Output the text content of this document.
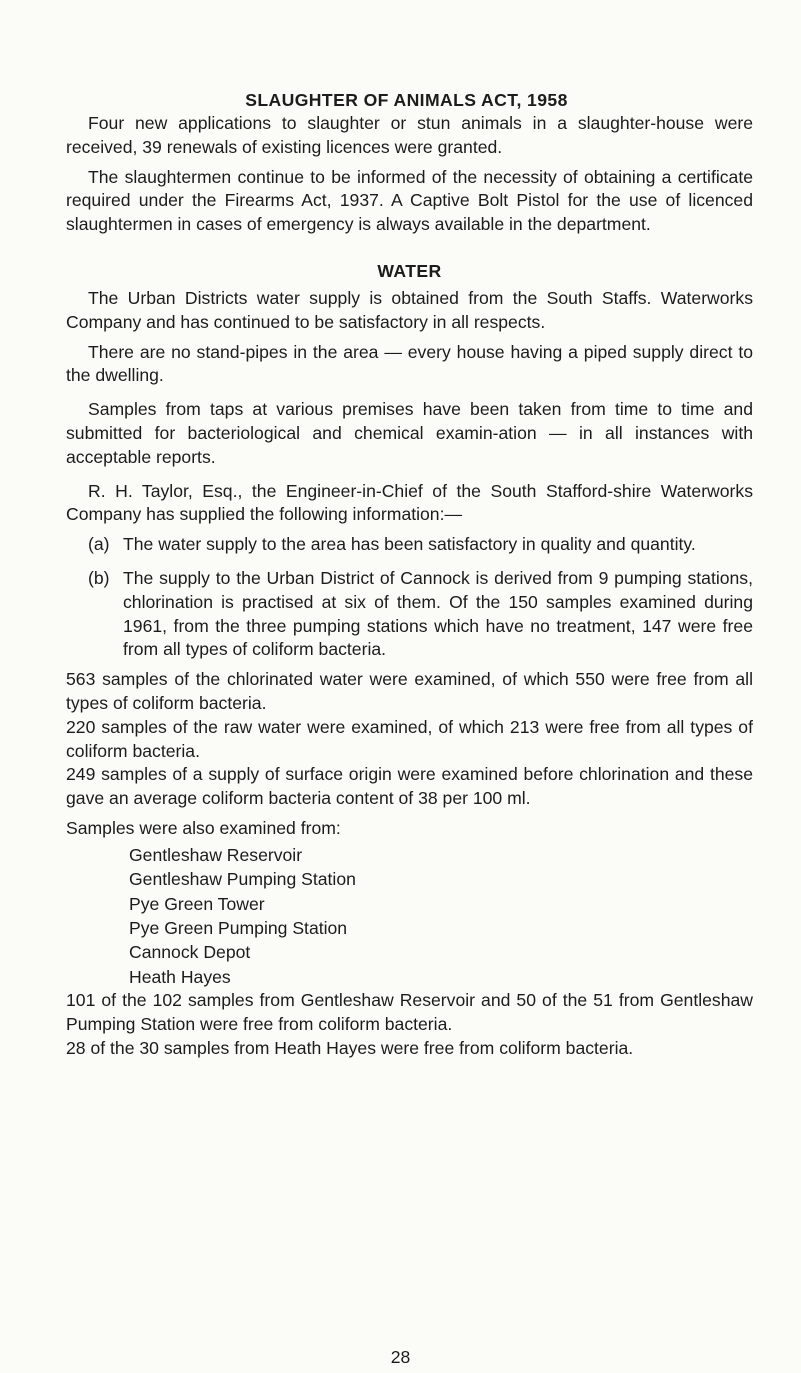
SLAUGHTER OF ANIMALS ACT, 1958

Four new applications to slaughter or stun animals in a slaughter-house were received, 39 renewals of existing licences were granted.

The slaughtermen continue to be informed of the necessity of obtaining a certificate required under the Firearms Act, 1937. A Captive Bolt Pistol for the use of licenced slaughtermen in cases of emergency is always available in the department.

WATER

The Urban Districts water supply is obtained from the South Staffs. Waterworks Company and has continued to be satisfactory in all respects.

There are no stand-pipes in the area — every house having a piped supply direct to the dwelling.

Samples from taps at various premises have been taken from time to time and submitted for bacteriological and chemical examin-ation — in all instances with acceptable reports.

R. H. Taylor, Esq., the Engineer-in-Chief of the South Stafford-shire Waterworks Company has supplied the following information:—

(a) The water supply to the area has been satisfactory in quality and quantity.
(b) The supply to the Urban District of Cannock is derived from 9 pumping stations, chlorination is practised at six of them. Of the 150 samples examined during 1961, from the three pumping stations which have no treatment, 147 were free from all types of coliform bacteria.

563 samples of the chlorinated water were examined, of which 550 were free from all types of coliform bacteria.

220 samples of the raw water were examined, of which 213 were free from all types of coliform bacteria.

249 samples of a supply of surface origin were examined before chlorination and these gave an average coliform bacteria content of 38 per 100 ml.

Samples were also examined from:

Gentleshaw Reservoir
Gentleshaw Pumping Station
Pye Green Tower
Pye Green Pumping Station
Cannock Depot
Heath Hayes

101 of the 102 samples from Gentleshaw Reservoir and 50 of the 51 from Gentleshaw Pumping Station were free from coliform bacteria.

28 of the 30 samples from Heath Hayes were free from coliform bacteria.

28
